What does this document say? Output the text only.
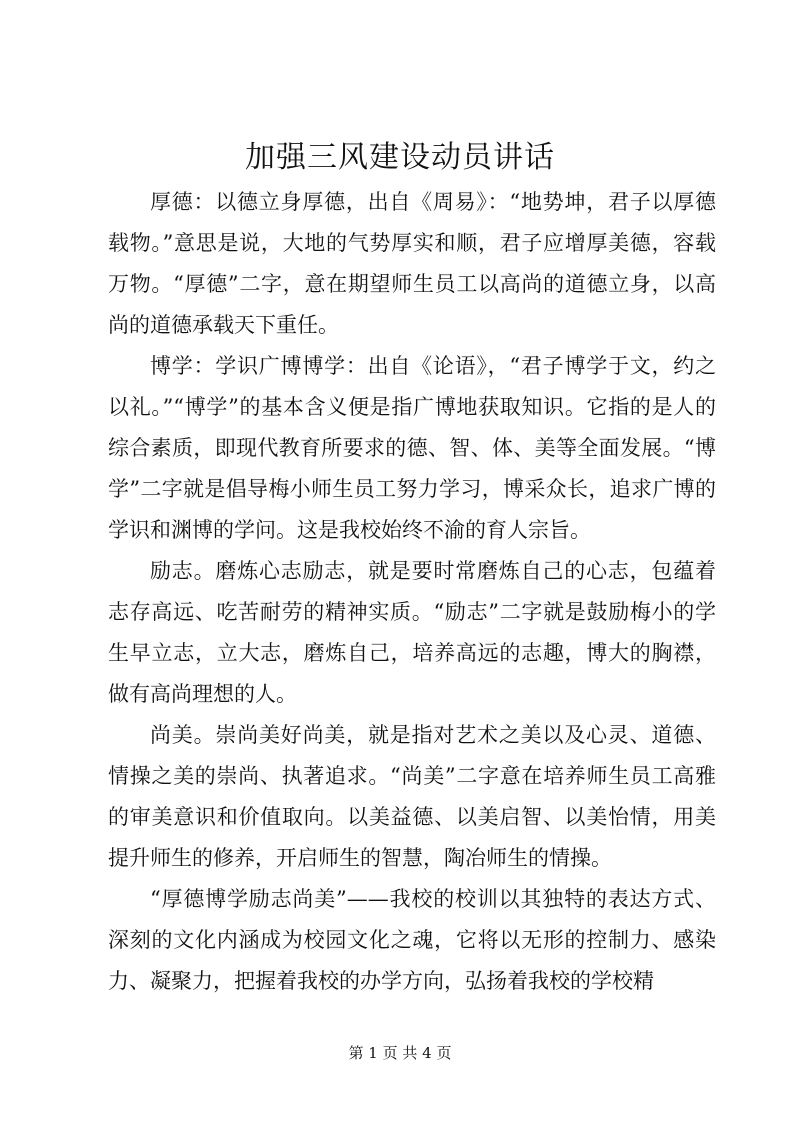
加强三风建设动员讲话

厚德：以德立身厚德，出自《周易》：“地势坤，君子以厚德载物。”意思是说，大地的气势厚实和顺，君子应增厚美德，容载万物。“厚德”二字，意在期望师生员工以高尚的道德立身，以高尚的道德承载天下重任。

博学：学识广博博学：出自《论语》，“君子博学于文，约之以礼。”“博学”的基本含义便是指广博地获取知识。它指的是人的综合素质，即现代教育所要求的德、智、体、美等全面发展。“博学”二字就是倡导梅小师生员工努力学习，博采众长，追求广博的学识和渊博的学问。这是我校始终不渝的育人宗旨。

励志。磨炼心志励志，就是要时常磨炼自己的心志，包蕴着志存高远、吃苦耐劳的精神实质。“励志”二字就是鼓励梅小的学生早立志，立大志，磨炼自己，培养高远的志趣，博大的胸襟，做有高尚理想的人。

尚美。崇尚美好尚美，就是指对艺术之美以及心灵、道德、情操之美的崇尚、执著追求。“尚美”二字意在培养师生员工高雅的审美意识和价值取向。以美益德、以美启智、以美怡情，用美提升师生的修养，开启师生的智慧，陶冶师生的情操。

“厚德博学励志尚美”——我校的校训以其独特的表达方式、深刻的文化内涵成为校园文化之魂，它将以无形的控制力、感染力、凝聚力，把握着我校的办学方向，弘扬着我校的学校精

第 1 页 共 4 页
